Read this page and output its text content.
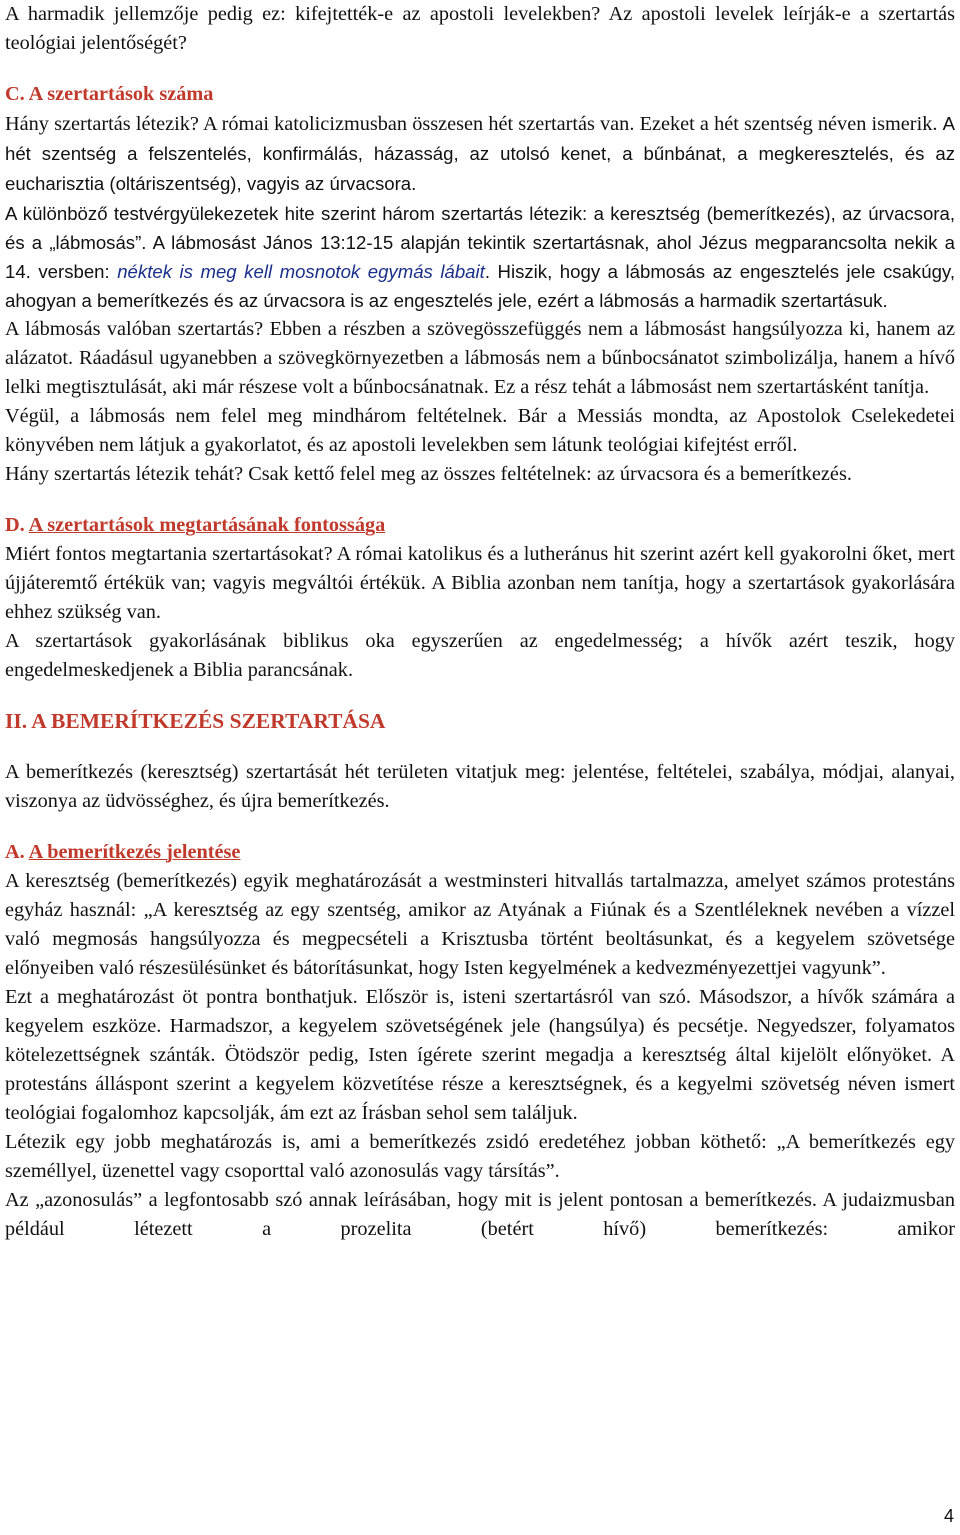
A harmadik jellemzője pedig ez: kifejtették-e az apostoli levelekben? Az apostoli levelek leírják-e a szertartás teológiai jelentőségét?

C. A szertartások száma

Hány szertartás létezik? A római katolicizmusban összesen hét szertartás van. Ezeket a hét szentség néven ismerik. A hét szentség a felszentelés, konfirmálás, házasság, az utolsó kenet, a bűnbánat, a megkeresztelés, és az eucharisztia (oltáriszentség), vagyis az úrvacsora.

A különböző testvérgyülekezetek hite szerint három szertartás létezik: a keresztség (bemerítkezés), az úrvacsora, és a „lábmosás”. A lábmosást János 13:12-15 alapján tekintik szertartásnak, ahol Jézus megparancsolta nekik a 14. versben: néktek is meg kell mosnotok egymás lábait. Hiszik, hogy a lábmosás az engesztelés jele csakúgy, ahogyan a bemerítkezés és az úrvacsora is az engesztelés jele, ezért a lábmosás a harmadik szertartásuk.

A lábmosás valóban szertartás? Ebben a részben a szövegösszefüggés nem a lábmosást hangsúlyozza ki, hanem az alázatot. Ráadásul ugyanebben a szövegkörnyezetben a lábmosás nem a bűnbocsánatot szimbolizálja, hanem a hívő lelki megtisztulását, aki már részese volt a bűnbocsánatnak. Ez a rész tehát a lábmosást nem szertartásként tanítja.

Végül, a lábmosás nem felel meg mindhárom feltételnek. Bár a Messiás mondta, az Apostolok Cselekedetei könyvében nem látjuk a gyakorlatot, és az apostoli levelekben sem látunk teológiai kifejtést erről.

Hány szertartás létezik tehát? Csak kettő felel meg az összes feltételnek: az úrvacsora és a bemerítkezés.

D. A szertartások megtartásának fontossága

Miért fontos megtartania szertartásokat? A római katolikus és a lutheránus hit szerint azért kell gyakorolni őket, mert újjáteremtő értékük van; vagyis megváltói értékük. A Biblia azonban nem tanítja, hogy a szertartások gyakorlására ehhez szükség van.

A szertartások gyakorlásának biblikus oka egyszerűen az engedelmesség; a hívők azért teszik, hogy engedelmeskedjenek a Biblia parancsának.

II. A BEMERÍTKEZÉS SZERTARTÁSA

A bemerítkezés (keresztség) szertartását hét területen vitatjuk meg: jelentése, feltételei, szabálya, módjai, alanyai, viszonya az üdvösséghez, és újra bemerítkezés.

A. A bemerítkezés jelentése

A keresztség (bemerítkezés) egyik meghatározását a westminsteri hitvallás tartalmazza, amelyet számos protestáns egyház használ: „A keresztség az egy szentség, amikor az Atyának a Fiúnak és a Szentléleknek nevében a vízzel való megmosás hangsúlyozza és megpecsételi a Krisztusba történt beoltásunkat, és a kegyelem szövetsége előnyeiben való részesülésünket és bátorításunkat, hogy Isten kegyelmének a kedvezményezettjei vagyunk”.

Ezt a meghatározást öt pontra bonthatjuk. Először is, isteni szertartásról van szó. Másodszor, a hívők számára a kegyelem eszköze. Harmadszor, a kegyelem szövetségének jele (hangsúlya) és pecsétje. Negyedszer, folyamatos kötelezettségnek szánták. Ötödször pedig, Isten ígérete szerint megadja a keresztség által kijelölt előnyöket. A protestáns álláspont szerint a kegyelem közvetítése része a keresztségnek, és a kegyelmi szövetség néven ismert teológiai fogalomhoz kapcsolják, ám ezt az Írásban sehol sem találjuk.

Létezik egy jobb meghatározás is, ami a bemerítkezés zsidó eredetéhez jobban köthető: „A bemerítkezés egy személlyel, üzenettel vagy csoporttal való azonosulás vagy társítás”.

Az „azonosulás” a legfontosabb szó annak leírásában, hogy mit is jelent pontosan a bemerítkezés. A judaizmusban például létezett a prozelita (betért hívő) bemerítkezés: amikor

4
